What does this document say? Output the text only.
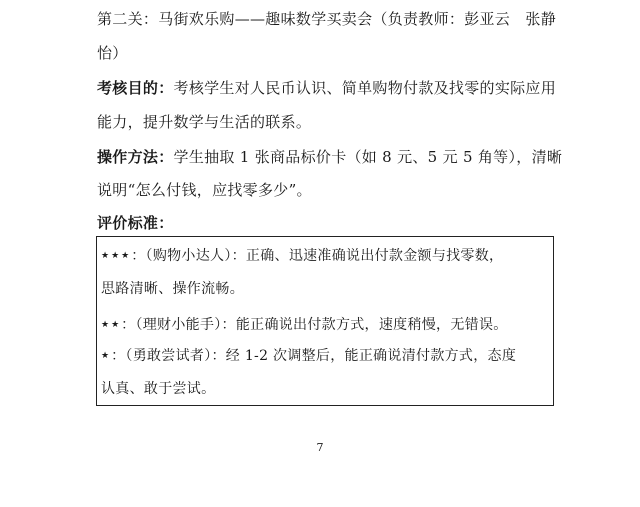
第二关：马街欢乐购——趣味数学买卖会（负责教师：彭亚云　张静
怡）
考核目的：考核学生对人民币认识、简单购物付款及找零的实际应用
能力，提升数学与生活的联系。
操作方法：学生抽取 1 张商品标价卡（如 8 元、5 元 5 角等），清晰
说明“怎么付钱，应找零多少”。
评价标准：
★★★：（购物小达人）：正确、迅速准确说出付款金额与找零数，
思路清晰、操作流畅。
★★：（理财小能手）：能正确说出付款方式，速度稍慢，无错误。
★：（勇敢尝试者）：经 1-2 次调整后，能正确说清付款方式，态度
认真、敢于尝试。
7
